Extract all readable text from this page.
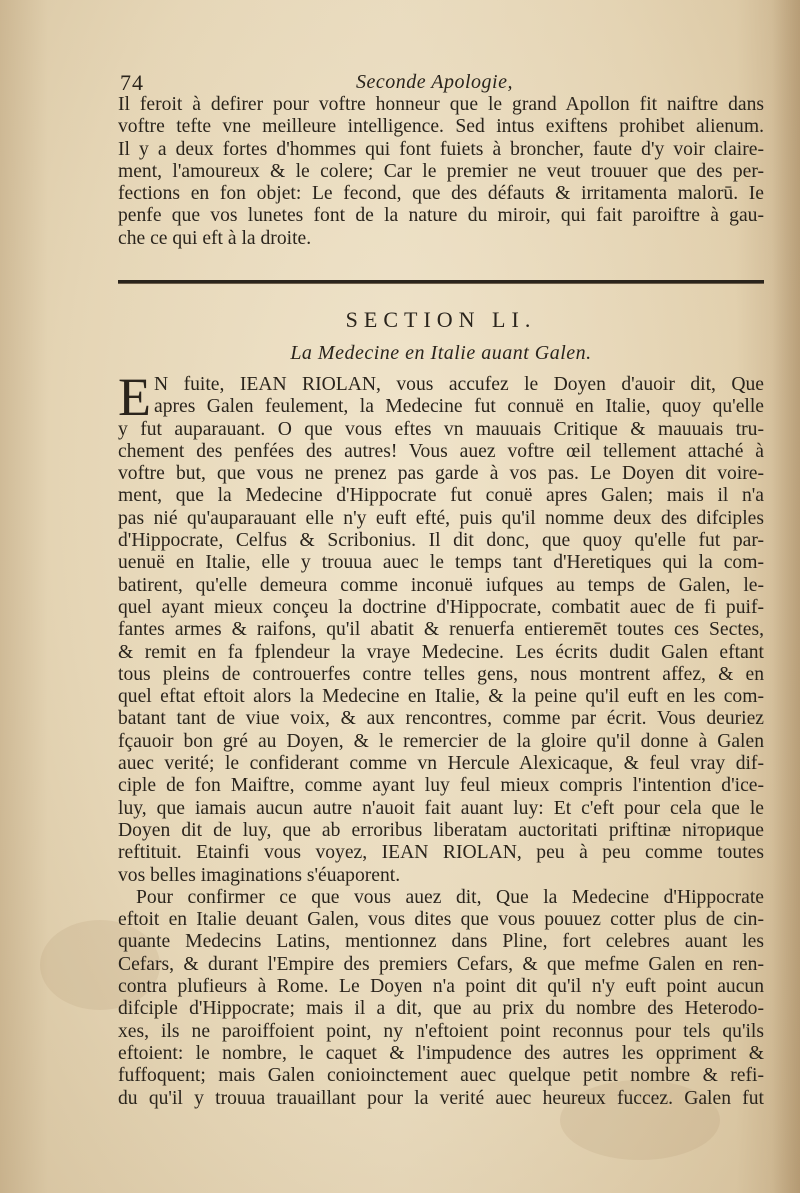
74	Seconde Apologie,
Il feroit à defirer pour voftre honneur que le grand Apollon fit naiftre dans
voftre tefte vne meilleure intelligence. Sed intus exiftens prohibet alienum.
Il y a deux fortes d'hommes qui font fuiets à broncher, faute d'y voir claire-
ment, l'amoureux & le colere; Car le premier ne veut trouuer que des per-
fections en fon objet: Le fecond, que des défauts & irritamenta malorū. Ie
penfe que vos lunetes font de la nature du miroir, qui fait paroiftre à gau-
che ce qui eft à la droite.
SECTION LI.
La Medecine en Italie auant Galen.
E N fuite, IEAN RIOLAN, vous accufez le Doyen d'auoir dit, Que
apres Galen feulement, la Medecine fut connuë en Italie, quoy qu'elle
y fut auparauant. O que vous eftes vn mauuais Critique & mauuais tru-
chement des penfées des autres! Vous auez voftre œil tellement attaché à
voftre but, que vous ne prenez pas garde à vos pas. Le Doyen dit voire-
ment, que la Medecine d'Hippocrate fut conuë apres Galen; mais il n'a
pas nié qu'auparauant elle n'y euft efté, puis qu'il nomme deux des difciples
d'Hippocrate, Celfus & Scribonius. Il dit donc, que quoy qu'elle fut par-
uenuë en Italie, elle y trouua auec le temps tant d'Heretiques qui la com-
batirent, qu'elle demeura comme inconuë iufques au temps de Galen, le-
quel ayant mieux conçeu la doctrine d'Hippocrate, combatit auec de fi puif-
fantes armes & raifons, qu'il abatit & renuerfa entieremēt toutes ces Sectes,
& remit en fa fplendeur la vraye Medecine. Les écrits dudit Galen eftant
tous pleins de controuerfes contre telles gens, nous montrent affez, & en
quel eftat eftoit alors la Medecine en Italie, & la peine qu'il euft en les com-
batant tant de viue voix, & aux rencontres, comme par écrit. Vous deuriez
fçauoir bon gré au Doyen, & le remercier de la gloire qu'il donne à Galen
auec verité; le confiderant comme vn Hercule Alexicaque, & feul vray dif-
ciple de fon Maiftre, comme ayant luy feul mieux compris l'intention d'ice-
luy, que iamais aucun autre n'auoit fait auant luy: Et c'eft pour cela que le
Doyen dit de luy, que ab erroribus liberatam auctoritati priftinæ niториque
reftituit. Etainfi vous voyez, IEAN RIOLAN, peu à peu comme toutes
vos belles imaginations s'éuaporent.
Pour confirmer ce que vous auez dit, Que la Medecine d'Hippocrate
eftoit en Italie deuant Galen, vous dites que vous pouuez cotter plus de cin-
quante Medecins Latins, mentionnez dans Pline, fort celebres auant les
Cefars, & durant l'Empire des premiers Cefars, & que mefme Galen en ren-
contra plufieurs à Rome. Le Doyen n'a point dit qu'il n'y euft point aucun
difciple d'Hippocrate; mais il a dit, que au prix du nombre des Heterodo-
xes, ils ne paroiffoient point, ny n'eftoient point reconnus pour tels qu'ils
eftoient: le nombre, le caquet & l'impudence des autres les oppriment &
fuffoquent; mais Galen conioinctement auec quelque petit nombre & refi-
du qu'il y trouua trauaillant pour la verité auec heureux fuccez. Galen fut
